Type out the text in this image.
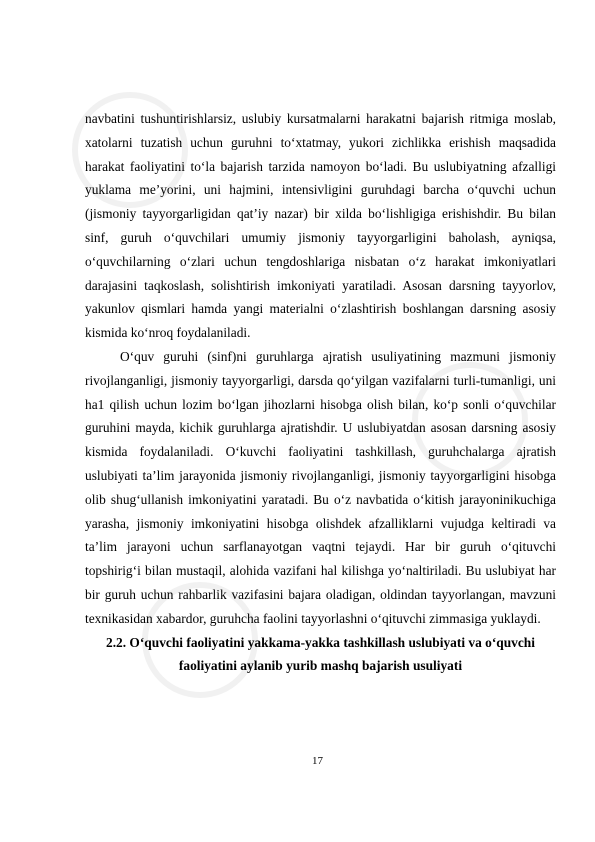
navbatini tushuntirishlarsiz, uslubiy kursatmalarni harakatni bajarish ritmiga moslab, xatolarni tuzatish uchun guruhni to‘xtatmay, yukori zichlikka erishish maqsadida harakat faoliyatini to‘la bajarish tarzida namoyon bo‘ladi. Bu uslubiyatning afzalligi yuklama me’yorini, uni hajmini, intensivligini guruhdagi barcha o‘quvchi uchun (jismoniy tayyorgarligidan qat’iy nazar) bir xilda bo‘lishligiga erishishdir. Bu bilan sinf, guruh o‘quvchilari umumiy jismoniy tayyorgarligini baholash, ayniqsa, o‘quvchilarning o‘zlari uchun tengdoshlariga nisbatan o‘z harakat imkoniyatlari darajasini taqkoslash, solishtirish imkoniyati yaratiladi. Asosan darsning tayyorlov, yakunlov qismlari hamda yangi materialni o‘zlashtirish boshlangan darsning asosiy kismida ko‘nroq foydalaniladi.

O‘quv guruhi (sinf)ni guruhlarga ajratish usuliyatining mazmuni jismoniy rivojlanganligi, jismoniy tayyorgarligi, darsda qo‘yilgan vazifalarni turli-tumanligi, uni ha1 qilish uchun lozim bo‘lgan jihozlarni hisobga olish bilan, ko‘p sonli o‘quvchilar guruhini mayda, kichik guruhlarga ajratishdir. U uslubiyatdan asosan darsning asosiy kismida foydalaniladi. O‘kuvchi faoliyatini tashkillash, guruhchalarga ajratish uslubiyati ta’lim jarayonida jismoniy rivojlanganligi, jismoniy tayyorgarligini hisobga olib shug‘ullanish imkoniyatini yaratadi. Bu o‘z navbatida o‘kitish jarayoninikuchiga yarasha, jismoniy imkoniyatini hisobga olishdek afzalliklarni vujudga keltiradi va ta’lim jarayoni uchun sarflanayotgan vaqtni tejaydi. Har bir guruh o‘qituvchi topshirig‘i bilan mustaqil, alohida vazifani hal kilishga yo‘naltiriladi. Bu uslubiyat har bir guruh uchun rahbarlik vazifasini bajara oladigan, oldindan tayyorlangan, mavzuni texnikasidan xabardor, guruhcha faolini tayyorlashni o‘qituvchi zimmasiga yuklaydi.

2.2. O‘quvchi faoliyatini yakkama-yakka tashkillash uslubiyati va o‘quvchi
faoliyatini aylanib yurib mashq bajarish usuliyati

17
